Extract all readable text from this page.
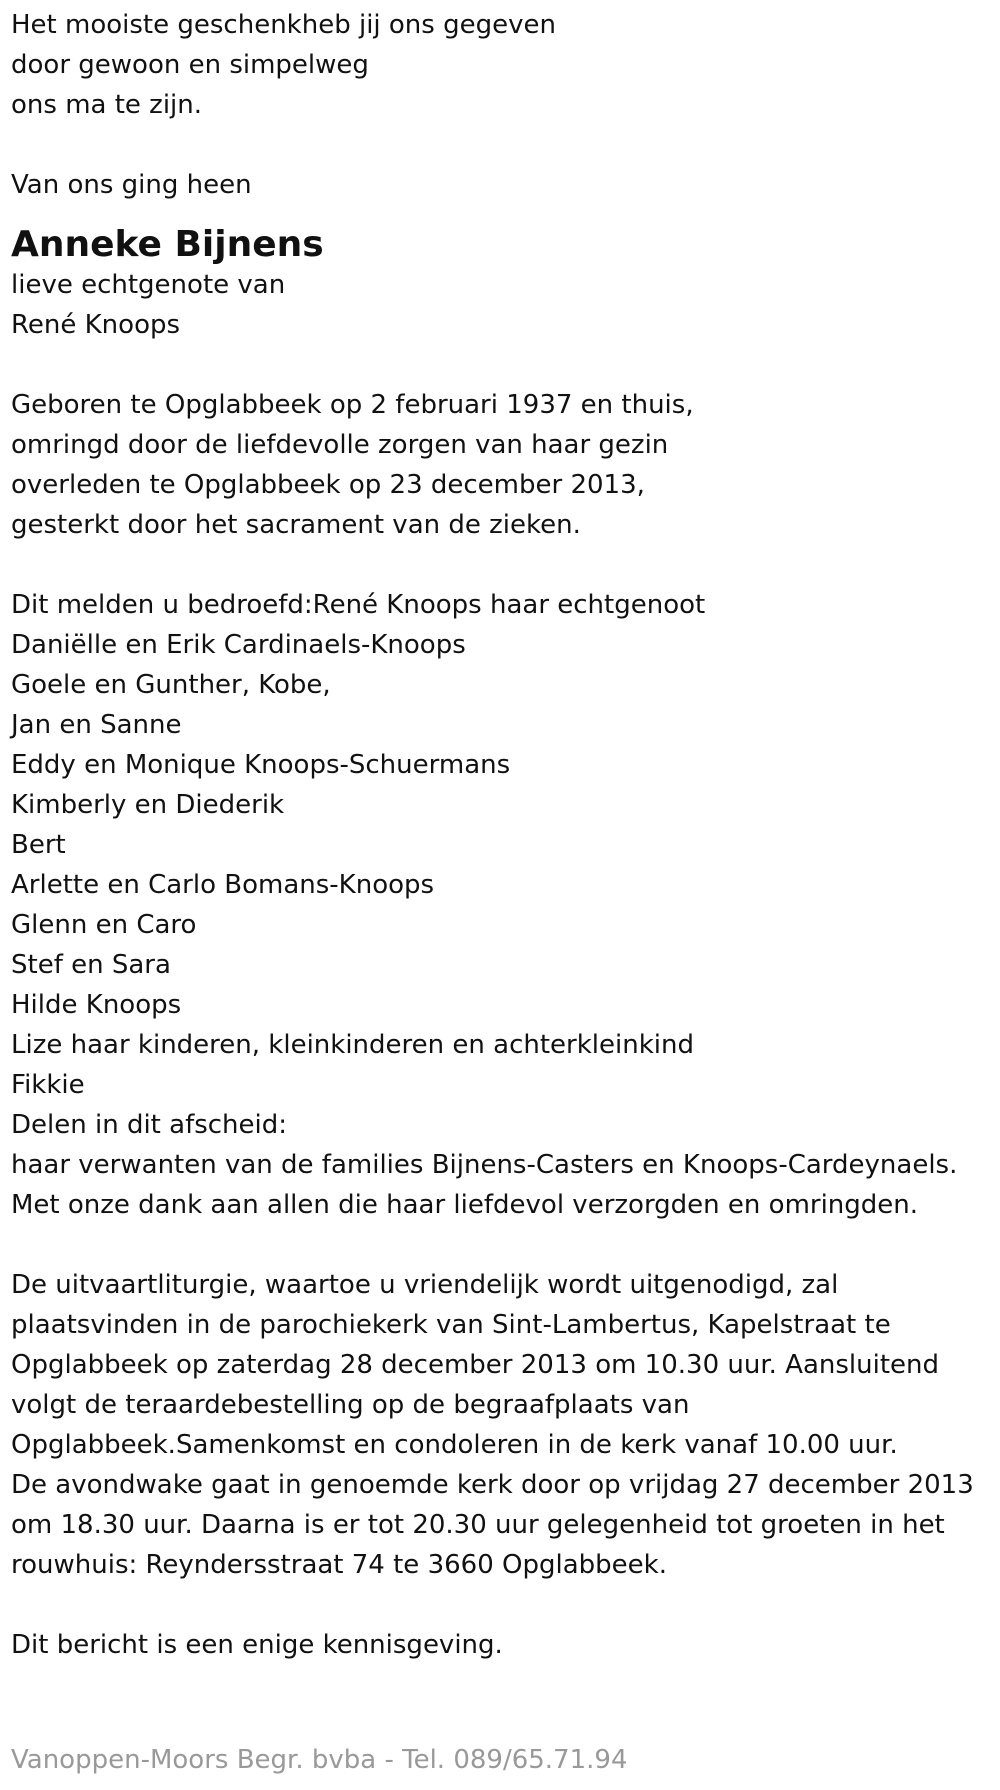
Het mooiste geschenkheb jij ons gegeven
door gewoon en simpelweg
ons ma te zijn.
Van ons ging heen
Anneke Bijnens
lieve echtgenote van
René Knoops
Geboren te Opglabbeek op 2 februari 1937 en thuis,
omringd door de liefdevolle zorgen van haar gezin
overleden te Opglabbeek op 23 december 2013,
gesterkt door het sacrament van de zieken.
Dit melden u bedroefd:René Knoops haar echtgenoot
Daniëlle en Erik Cardinaels-Knoops
Goele en Gunther, Kobe,
Jan en Sanne
Eddy en Monique Knoops-Schuermans
Kimberly en Diederik
Bert
Arlette en Carlo Bomans-Knoops
Glenn en Caro
Stef en Sara
Hilde Knoops
Lize haar kinderen, kleinkinderen en achterkleinkind
Fikkie
Delen in dit afscheid:
haar verwanten van de families Bijnens-Casters en Knoops-Cardeynaels.
Met onze dank aan allen die haar liefdevol verzorgden en omringden.
De uitvaartliturgie, waartoe u vriendelijk wordt uitgenodigd, zal
plaatsvinden in de parochiekerk van Sint-Lambertus, Kapelstraat te
Opglabbeek op zaterdag 28 december 2013 om 10.30 uur. Aansluitend
volgt de teraardebestelling op de begraafplaats van
Opglabbeek.Samenkomst en condoleren in de kerk vanaf 10.00 uur.
De avondwake gaat in genoemde kerk door op vrijdag 27 december 2013
om 18.30 uur. Daarna is er tot 20.30 uur gelegenheid tot groeten in het
rouwhuis: Reyndersstraat 74 te 3660 Opglabbeek.
Dit bericht is een enige kennisgeving.
Vanoppen-Moors Begr. bvba - Tel. 089/65.71.94
